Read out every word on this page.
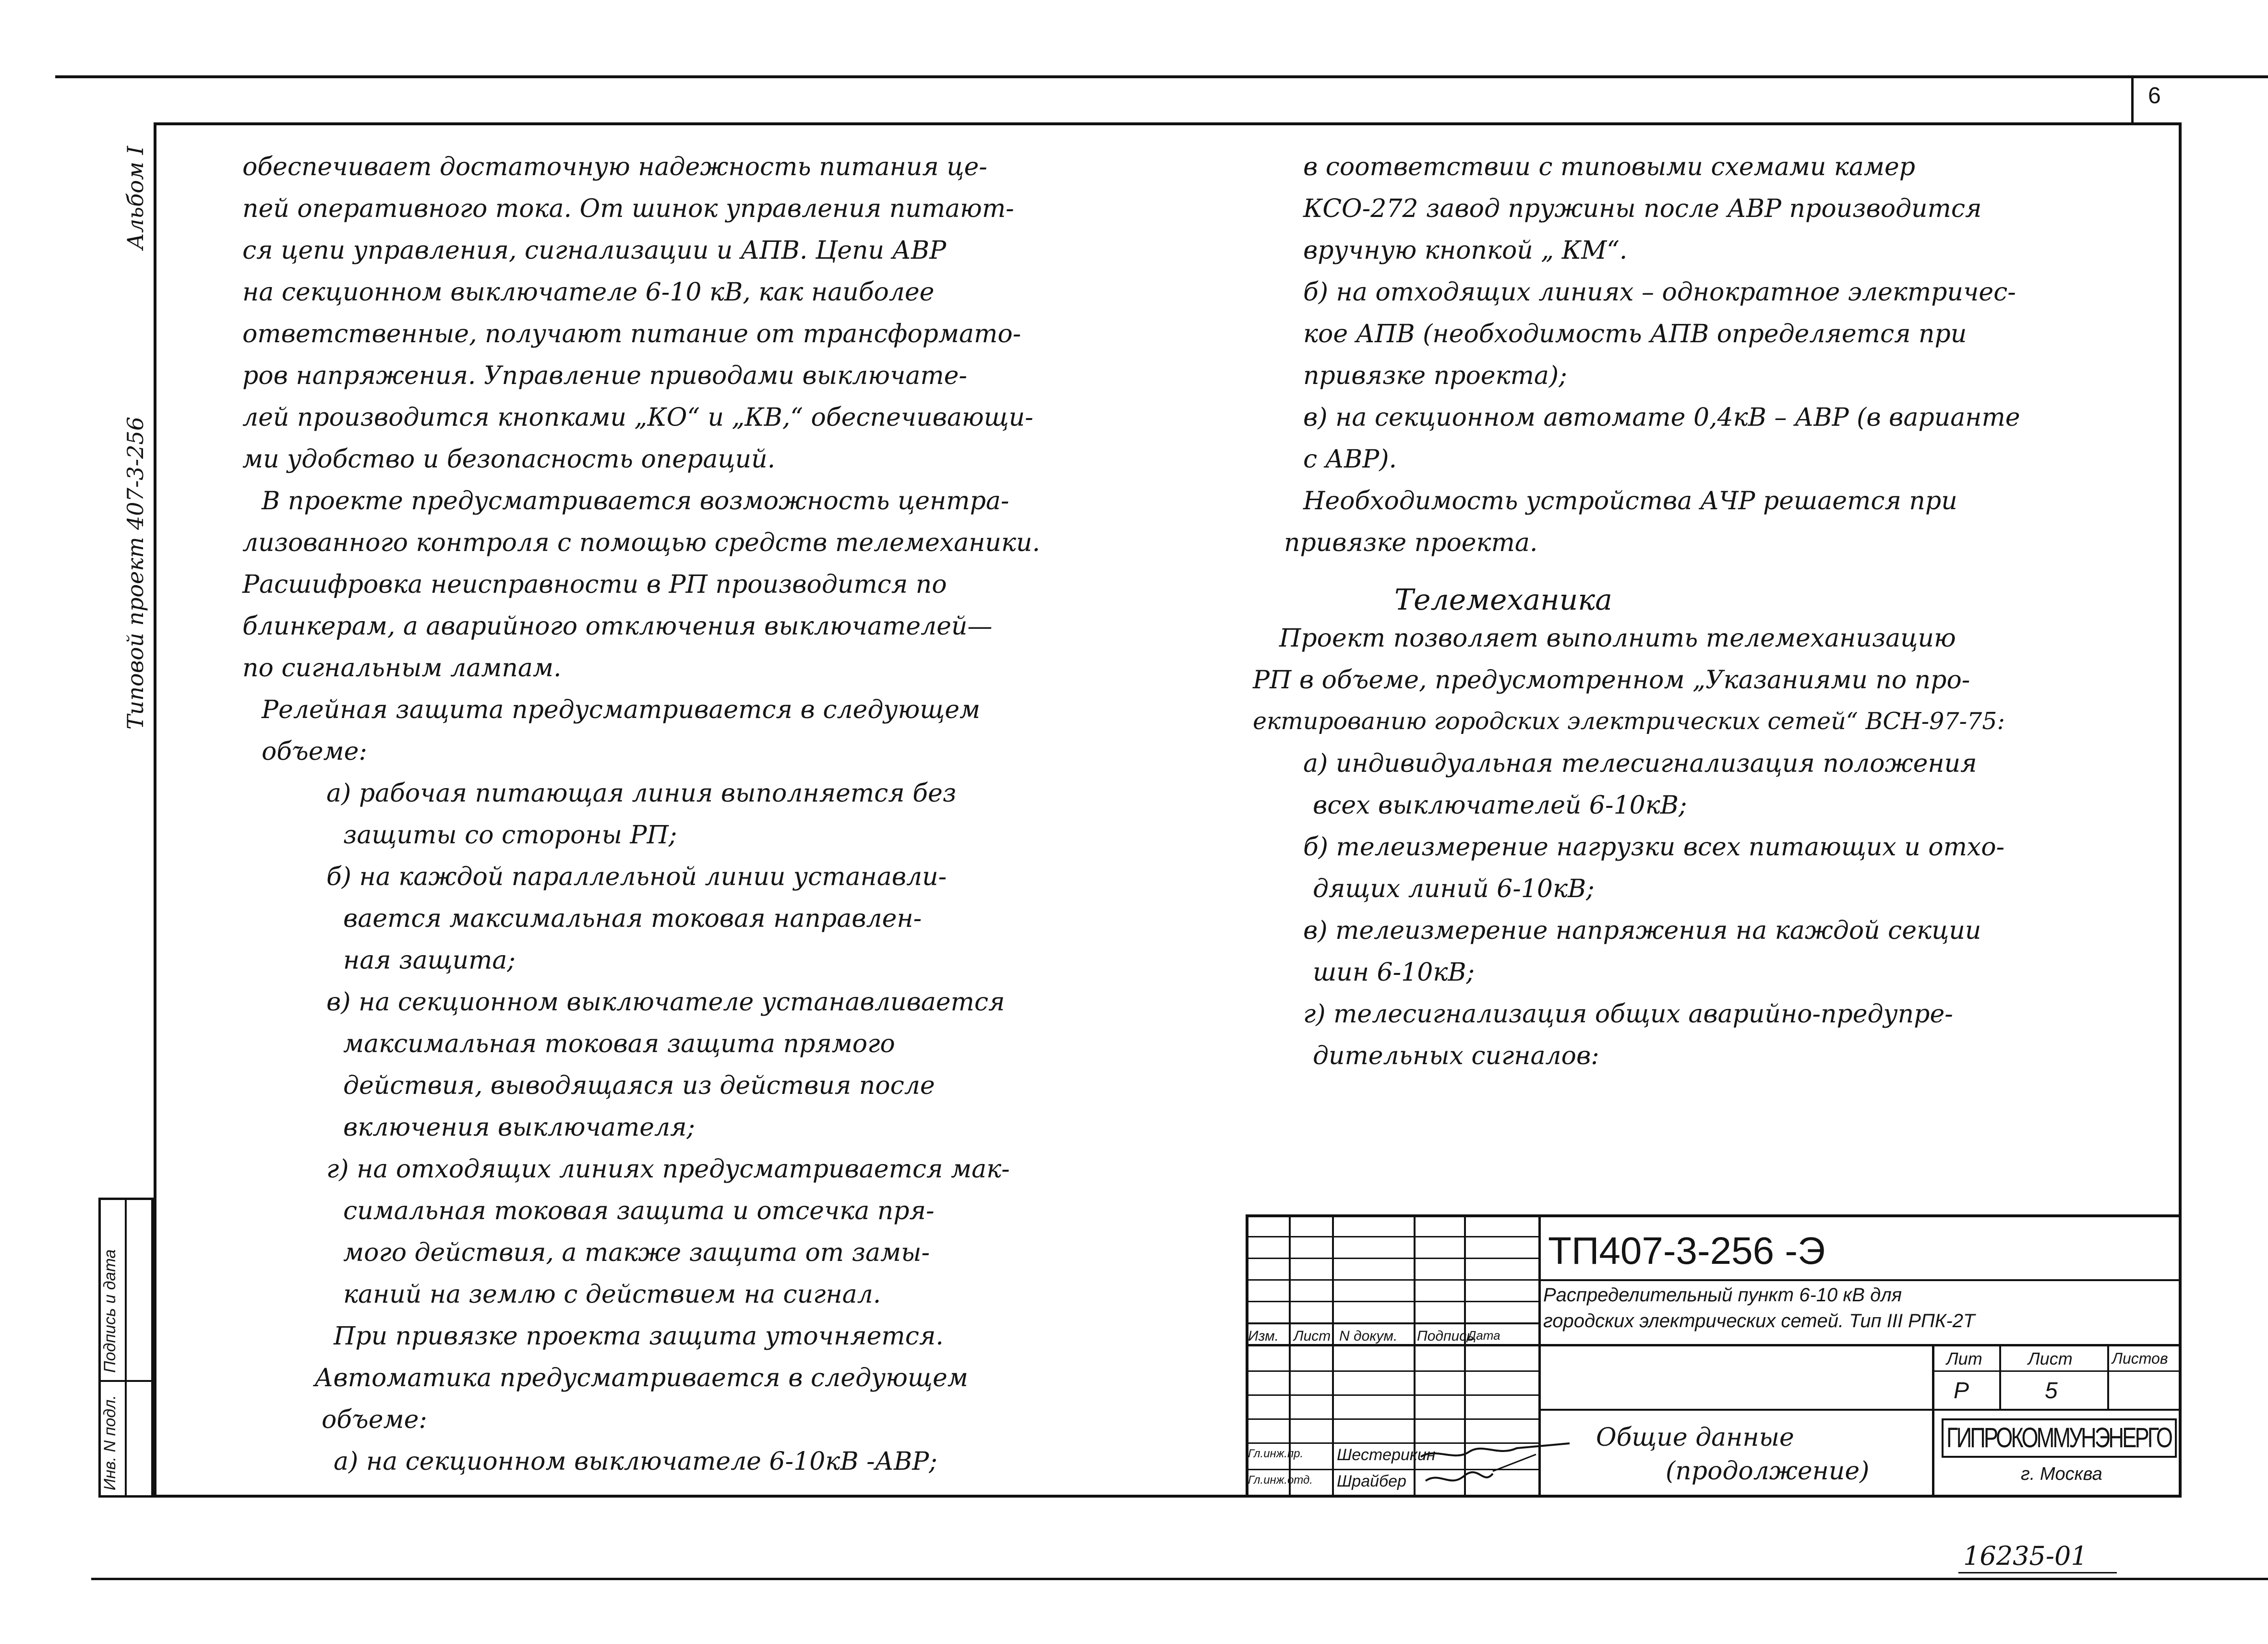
6
Альбом I
Типовой проект 407-3-256
Подпись и дата
Инв. N подл.
обеспечивает достаточную надежность питания це-
пей оперативного тока. От шинок управления питают-
ся цепи управления, сигнализации и АПВ. Цепи АВР
на секционном выключателе 6-10 кВ, как наиболее
ответственные, получают питание от трансформато-
ров напряжения. Управление приводами выключате-
лей производится кнопками „КО“ и „КВ,“ обеспечивающи-
ми удобство и безопасность операций.
В проекте предусматривается возможность центра-
лизованного контроля с помощью средств телемеханики.
Расшифровка неисправности в РП производится по
блинкерам, а аварийного отключения выключателей—
по сигнальным лампам.
Релейная защита предусматривается в следующем
объеме:
а) рабочая питающая линия выполняется без
защиты со стороны РП;
б) на каждой параллельной линии устанавли-
вается максимальная токовая направлен-
ная защита;
в) на секционном выключателе устанавливается
максимальная токовая защита прямого
действия, выводящаяся из действия после
включения выключателя;
г) на отходящих линиях предусматривается мак-
симальная токовая защита и отсечка пря-
мого действия, а также защита от замы-
каний на землю с действием на сигнал.
При привязке проекта защита уточняется.
Автоматика предусматривается в следующем
объеме:
а) на секционном выключателе 6-10кВ -АВР;
в соответствии с типовыми схемами камер
КСО-272 завод пружины после АВР производится
вручную кнопкой „ КМ“.
б) на отходящих линиях – однократное электричес-
кое АПВ (необходимость АПВ определяется при
привязке проекта);
в) на секционном автомате 0,4кВ – АВР (в варианте
с АВР).
Необходимость устройства АЧР решается при
привязке проекта.
Телемеханика
Проект позволяет выполнить телемеханизацию
РП в объеме, предусмотренном „Указаниями по про-
ектированию городских электрических сетей“ ВСН-97-75:
а) индивидуальная телесигнализация положения
всех выключателей 6-10кВ;
б) телеизмерение нагрузки всех питающих и отхо-
дящих линий 6-10кВ;
в) телеизмерение напряжения на каждой секции
шин 6-10кВ;
г) телесигнализация общих аварийно-предупре-
дительных сигналов:
Изм. Лист N докум. Подпись
Дата
Гл.инж.пр. Шестерикин
Гл.инж.отд. Шрайбер
ТП407-3-256 -Э
Распределительный пункт 6-10 кВ для
городских электрических сетей. Тип III РПК-2Т
Лит	Лист	Листов
Р	5
Общие данные
(продолжение)
ГИПРОКОММУНЭНЕРГО
г. Москва
16235-01
